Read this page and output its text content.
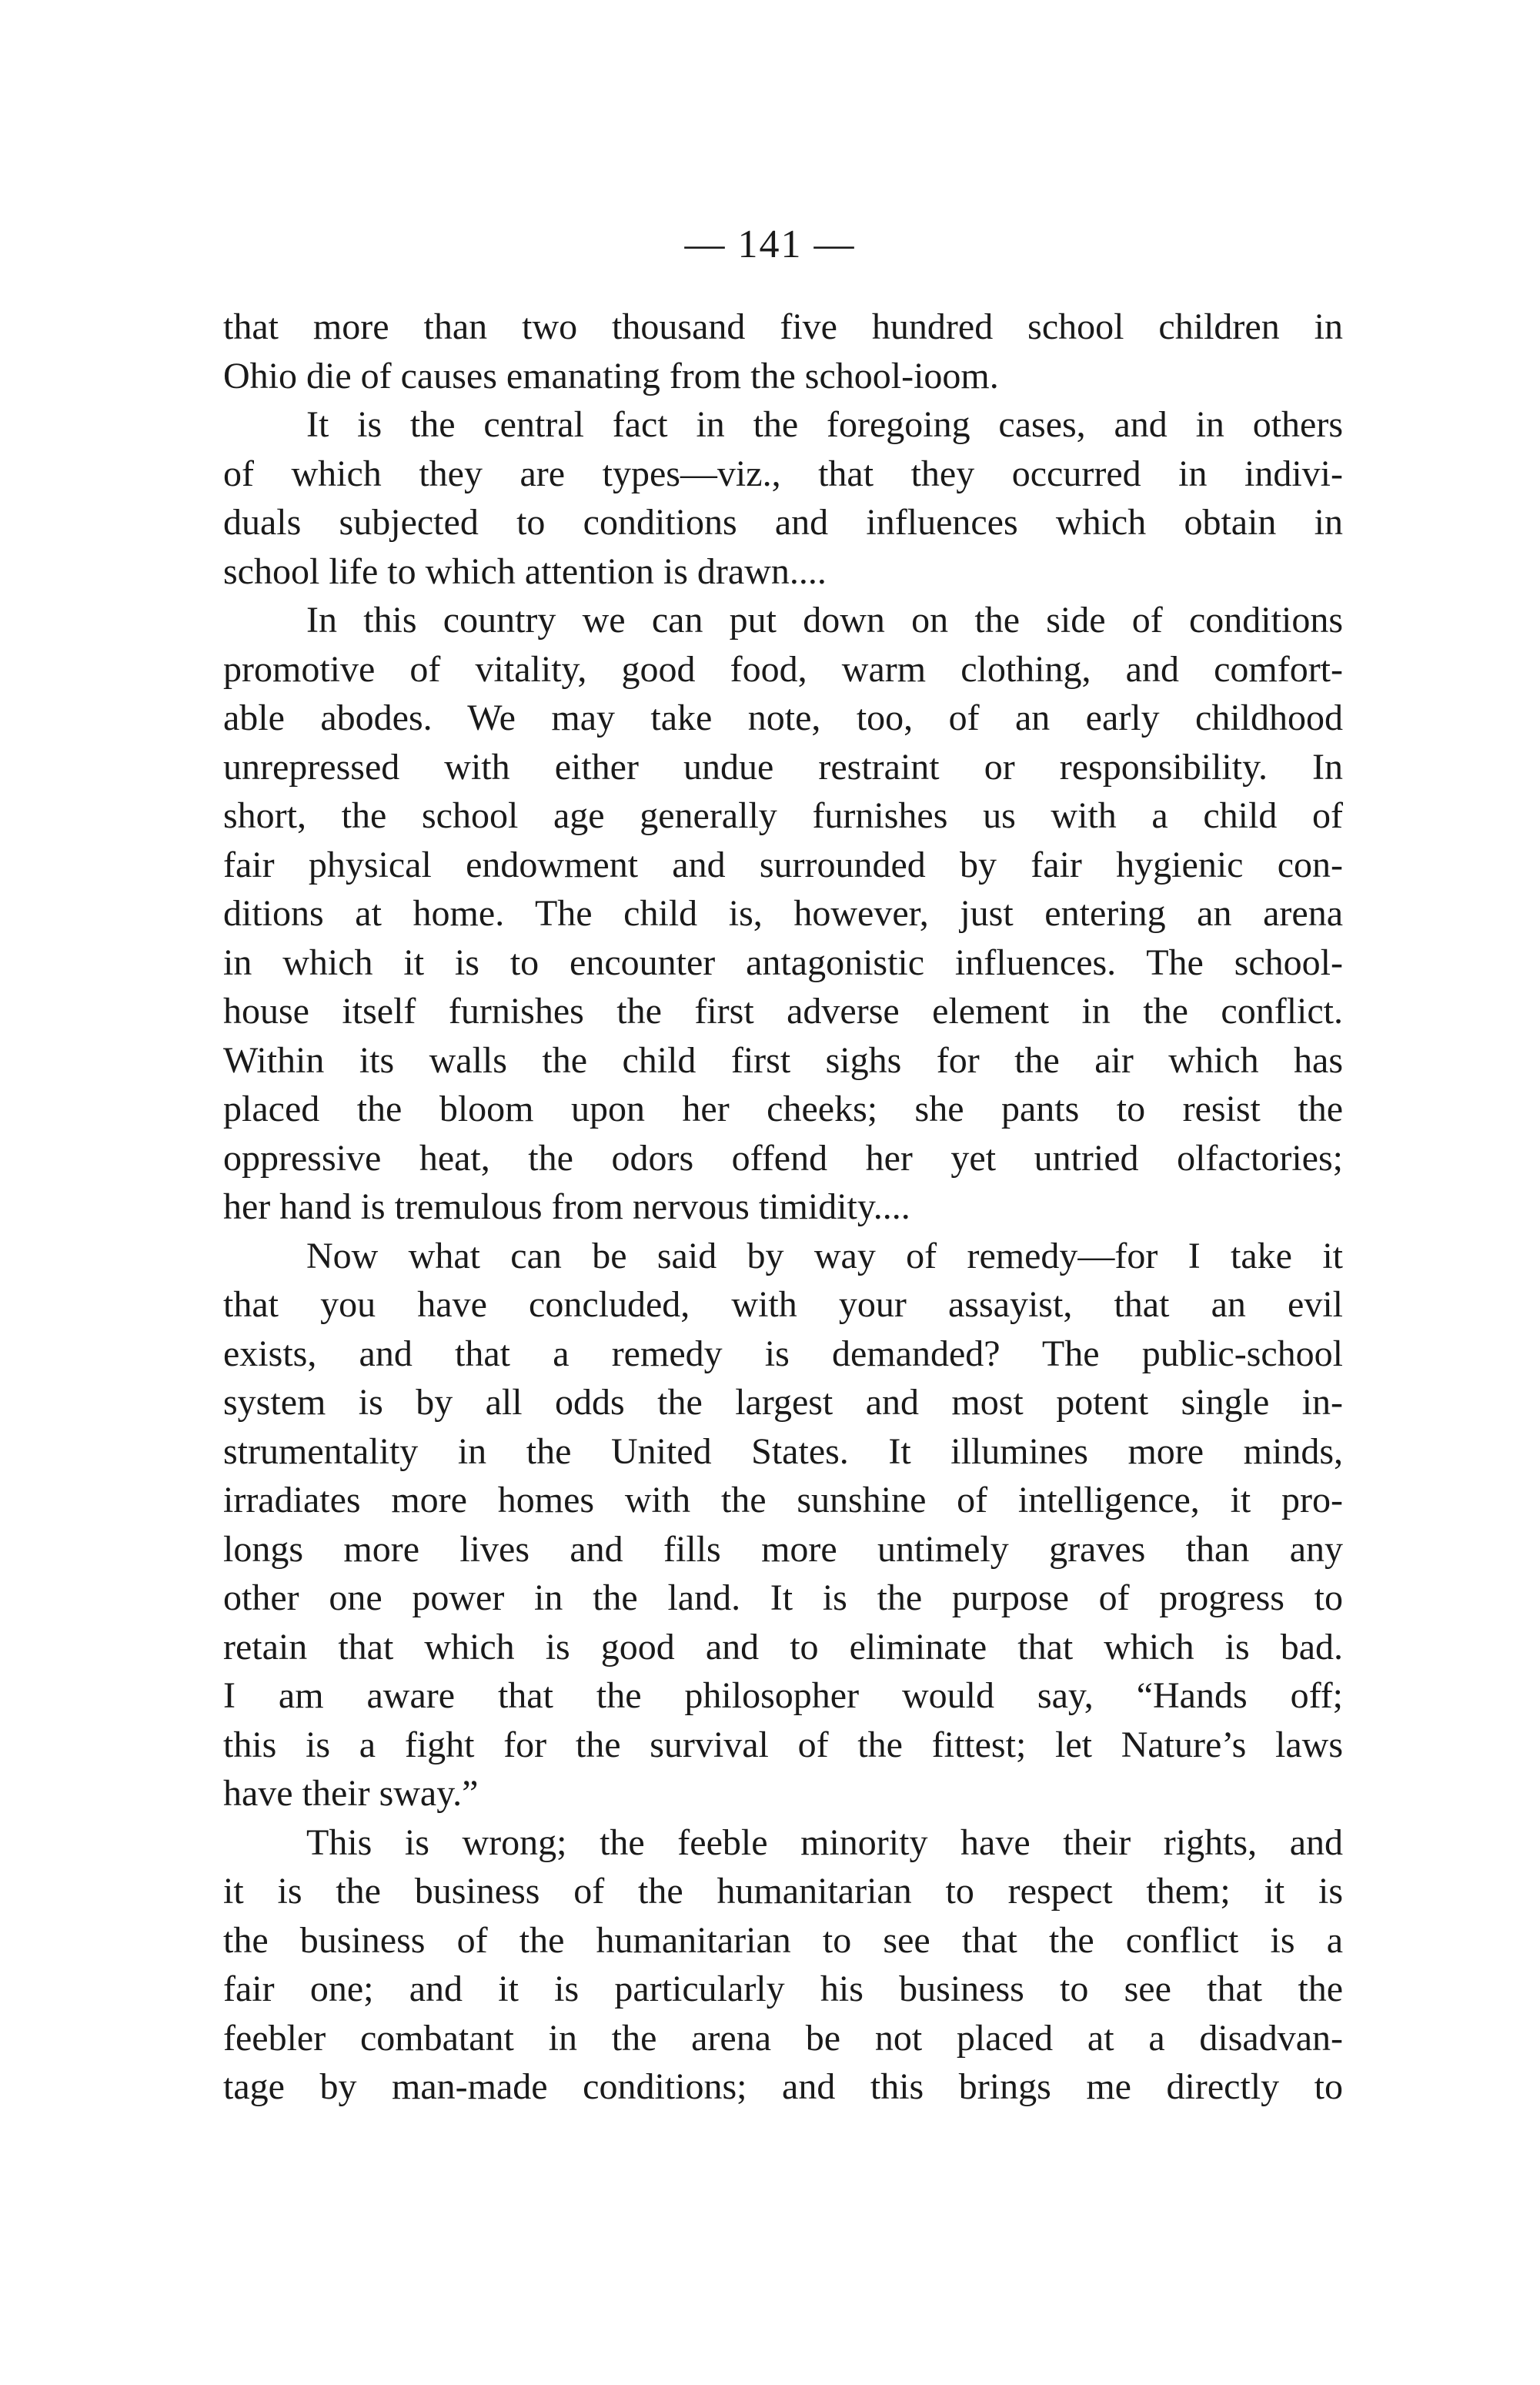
— 141 —
that more than two thousand five hundred school children in
Ohio die of causes emanating from the school-ioom.
It is the central fact in the foregoing cases, and in others
of which they are types—viz., that they occurred in indivi-
duals subjected to conditions and influences which obtain in
school life to which attention is drawn....
In this country we can put down on the side of conditions
promotive of vitality, good food, warm clothing, and comfort-
able abodes. We may take note, too, of an early childhood
unrepressed with either undue restraint or responsibility. In
short, the school age generally furnishes us with a child of
fair physical endowment and surrounded by fair hygienic con-
ditions at home. The child is, however, just entering an arena
in which it is to encounter antagonistic influences. The school-
house itself furnishes the first adverse element in the conflict.
Within its walls the child first sighs for the air which has
placed the bloom upon her cheeks; she pants to resist the
oppressive heat, the odors offend her yet untried olfactories;
her hand is tremulous from nervous timidity....
Now what can be said by way of remedy—for I take it
that you have concluded, with your assayist, that an evil
exists, and that a remedy is demanded? The public-school
system is by all odds the largest and most potent single in-
strumentality in the United States. It illumines more minds,
irradiates more homes with the sunshine of intelligence, it pro-
longs more lives and fills more untimely graves than any
other one power in the land. It is the purpose of progress to
retain that which is good and to eliminate that which is bad.
I am aware that the philosopher would say, “Hands off;
this is a fight for the survival of the fittest; let Nature’s laws
have their sway.”
This is wrong; the feeble minority have their rights, and
it is the business of the humanitarian to respect them; it is
the business of the humanitarian to see that the conflict is a
fair one; and it is particularly his business to see that the
feebler combatant in the arena be not placed at a disadvan-
tage by man-made conditions; and this brings me directly to
